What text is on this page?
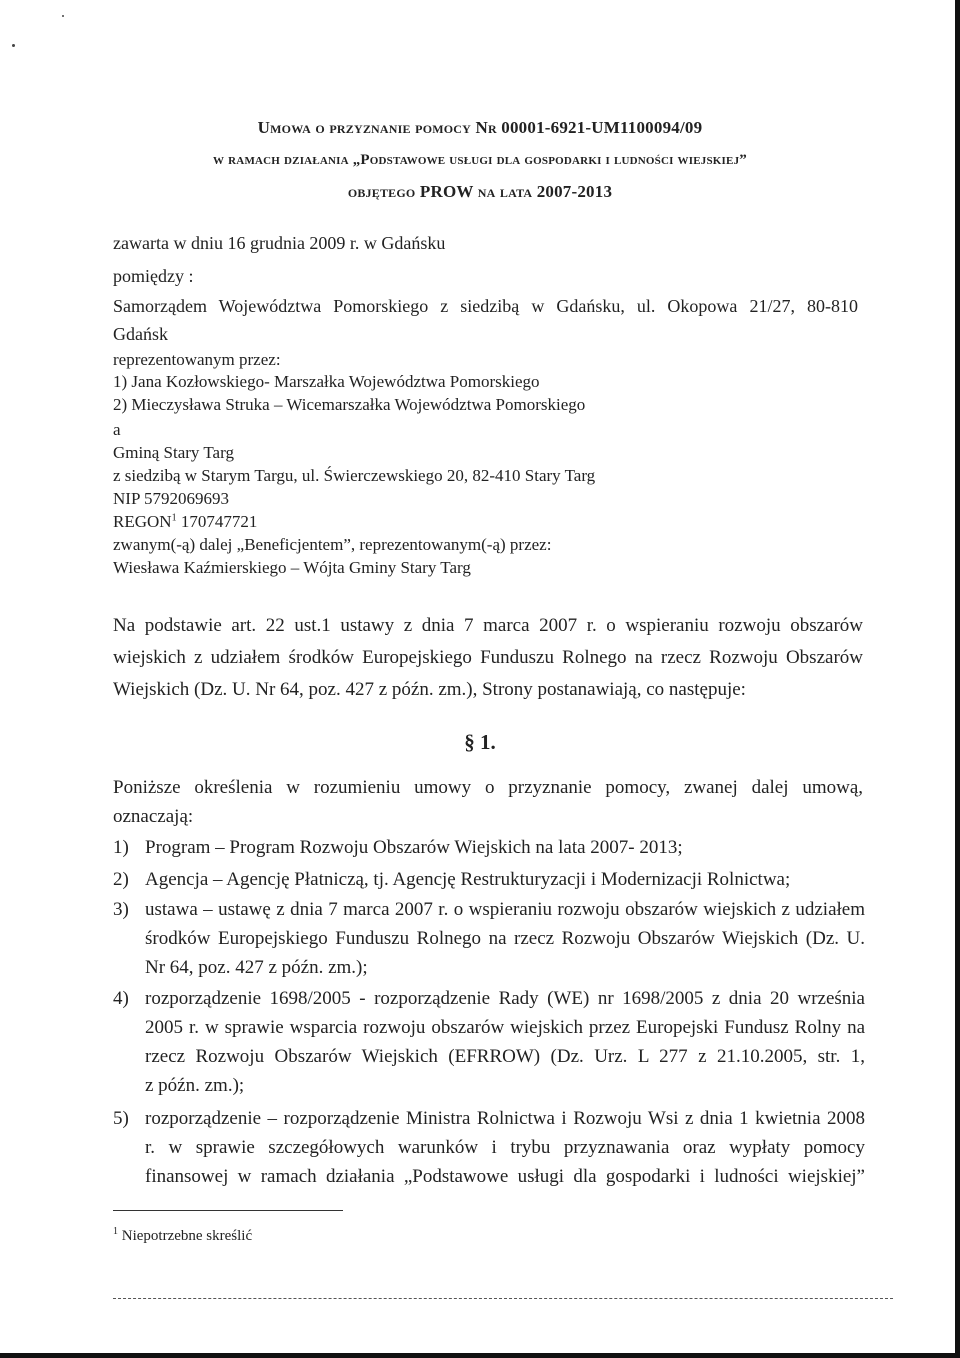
Umowa o przyznanie pomocy Nr 00001-6921-UM1100094/09
w ramach działania „Podstawowe usługi dla gospodarki i ludności wiejskiej”
objętego PROW na lata 2007-2013
zawarta w dniu 16 grudnia 2009 r. w Gdańsku
pomiędzy :
Samorządem Województwa Pomorskiego z siedzibą w Gdańsku, ul. Okopowa 21/27, 80-810
Gdańsk
reprezentowanym przez:
1) Jana Kozłowskiego- Marszałka Województwa Pomorskiego
2) Mieczysława Struka – Wicemarszałka Województwa Pomorskiego
a
Gminą Stary Targ
z siedzibą w Starym Targu, ul. Świerczewskiego 20, 82-410 Stary Targ
NIP 5792069693
REGON$^1$ 170747721
zwanym(-ą) dalej „Beneficjentem”, reprezentowanym(-ą) przez:
Wiesława Kaźmierskiego – Wójta Gminy Stary Targ
Na podstawie art. 22 ust.1 ustawy z dnia 7 marca 2007 r. o wspieraniu rozwoju obszarów
wiejskich z udziałem środków Europejskiego Funduszu Rolnego na rzecz Rozwoju Obszarów
Wiejskich (Dz. U. Nr 64, poz. 427 z późn. zm.), Strony postanawiają, co następuje:
§ 1.
Poniższe określenia w rozumieniu umowy o przyznanie pomocy, zwanej dalej umową,
oznaczają:
1) Program – Program Rozwoju Obszarów Wiejskich na lata 2007- 2013;
2) Agencja – Agencję Płatniczą, tj. Agencję Restrukturyzacji i Modernizacji Rolnictwa;
3) ustawa – ustawę z dnia 7 marca 2007 r. o wspieraniu rozwoju obszarów wiejskich z udziałem
środków Europejskiego Funduszu Rolnego na rzecz Rozwoju Obszarów Wiejskich (Dz. U.
Nr 64, poz. 427 z późn. zm.);
4) rozporządzenie 1698/2005 - rozporządzenie Rady (WE) nr 1698/2005 z dnia 20 września
2005 r. w sprawie wsparcia rozwoju obszarów wiejskich przez Europejski Fundusz Rolny na
rzecz Rozwoju Obszarów Wiejskich (EFRROW) (Dz. Urz. L 277 z 21.10.2005, str. 1,
z późn. zm.);
5) rozporządzenie – rozporządzenie Ministra Rolnictwa i Rozwoju Wsi z dnia 1 kwietnia 2008
r. w sprawie szczegółowych warunków i trybu przyznawania oraz wypłaty pomocy
finansowej w ramach działania „Podstawowe usługi dla gospodarki i ludności wiejskiej”
$^1$ Niepotrzebne skreślić
